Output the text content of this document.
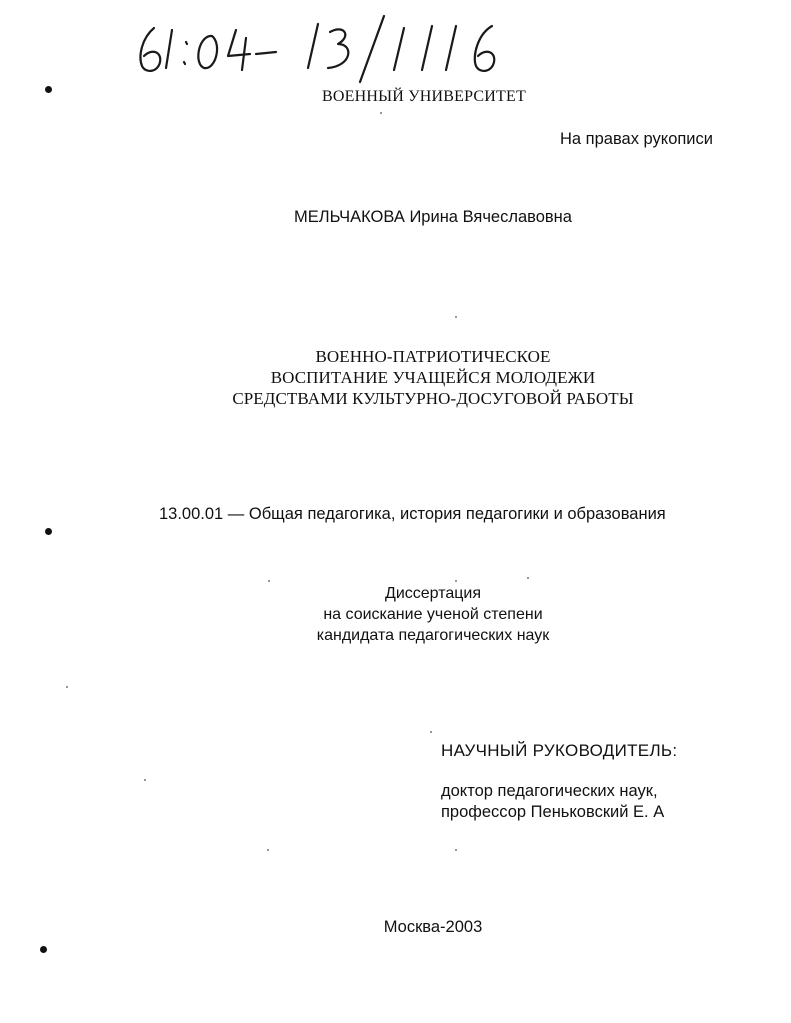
ВОЕННЫЙ УНИВЕРСИТЕТ
На правах рукописи
МЕЛЬЧАКОВА Ирина Вячеславовна
ВОЕННО-ПАТРИОТИЧЕСКОЕ
ВОСПИТАНИЕ УЧАЩЕЙСЯ МОЛОДЕЖИ
СРЕДСТВАМИ КУЛЬТУРНО-ДОСУГОВОЙ РАБОТЫ
13.00.01 — Общая педагогика, история педагогики и образования
Диссертация
на соискание ученой степени
кандидата педагогических наук
НАУЧНЫЙ РУКОВОДИТЕЛЬ:
доктор педагогических наук,
профессор Пеньковский Е. А
Москва-2003
